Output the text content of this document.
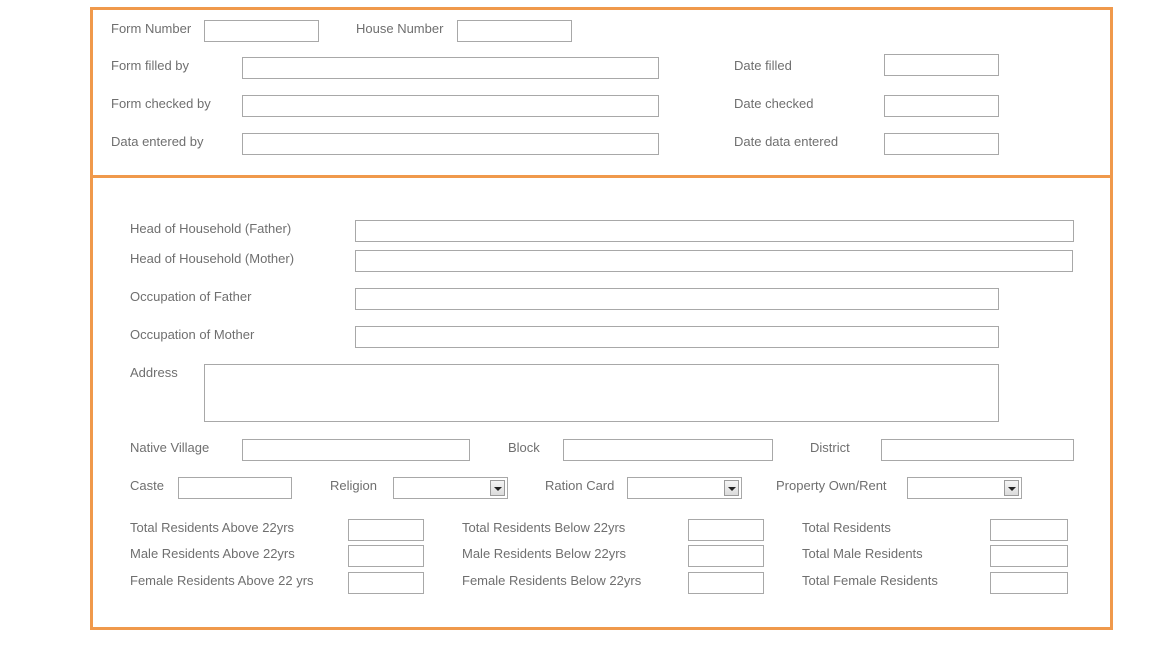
Form Number	House Number
Form filled by	Date filled
Form checked by	Date checked
Data entered by	Date data entered
Head of Household (Father)
Head of Household (Mother)
Occupation of Father
Occupation of Mother
Address
Native Village	Block	District
Caste	Religion	Ration Card	Property Own/Rent
Total Residents Above 22yrs	Total Residents Below 22yrs	Total Residents
Male Residents Above 22yrs	Male Residents Below 22yrs	Total Male Residents
Female Residents Above 22 yrs	Female Residents Below 22yrs	Total Female Residents
